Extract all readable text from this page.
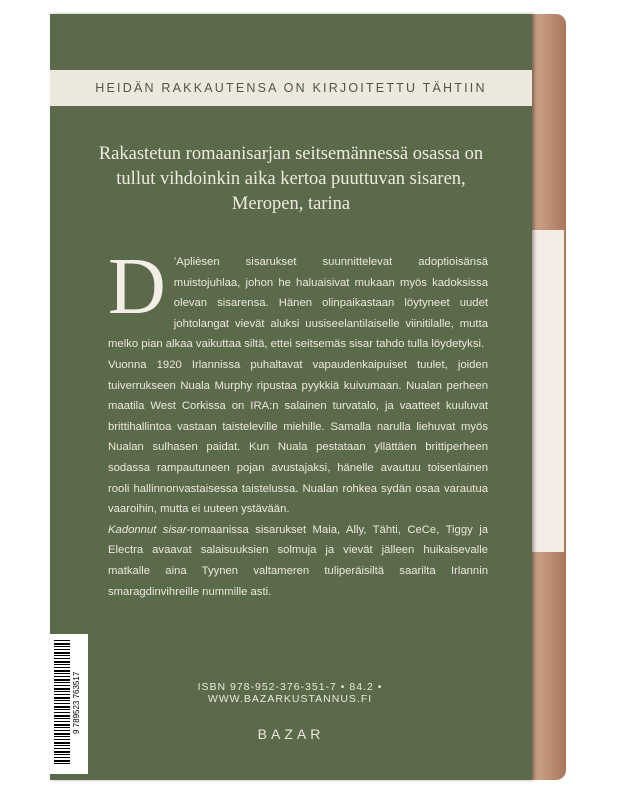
HEIDÄN RAKKAUTENSA ON KIRJOITETTU TÄHTIIN
Rakastetun romaanisarjan seitsemännessä osassa on tullut vihdoinkin aika kertoa puuttuvan sisaren, Meropen, tarina

D ’Aplièsen sisarukset suunnittelevat adoptioisänsä muistojuhlaa, johon he haluaisivat mukaan myös kadoksissa olevan sisarensa. Hänen olinpaikastaan löytyneet uudet johtolangat vievät aluksi uusiseelantilaiselle viinitilalle, mutta melko pian alkaa vaikuttaa siltä, ettei seitsemäs sisar tahdo tulla löydetyksi.

Vuonna 1920 Irlannissa puhaltavat vapaudenkaipuiset tuulet, joiden tuiverrukseen Nuala Murphy ripustaa pyykkiä kuivumaan. Nualan perheen maatila West Corkissa on IRA:n salainen turvatalo, ja vaatteet kuuluvat brittihallintoa vastaan taisteleville miehille. Samalla narulla liehuvat myös Nualan sulhasen paidat. Kun Nuala pestataan yllättäen brittiperheen sodassa rampautuneen pojan avustajaksi, hänelle avautuu toisenlainen rooli hallinnonvastaisessa taistelussa. Nualan rohkea sydän osaa varautua vaaroihin, mutta ei uuteen ystävään.

Kadonnut sisar-romaanissa sisarukset Maia, Ally, Tähti, CeCe, Tiggy ja Electra avaavat salaisuuksien solmuja ja vievät jälleen huikaisevalle matkalle aina Tyynen valtameren tuliperäisiltä saarilta Irlannin smaragdinvihreille nummille asti.

9 789523 763517	ISBN 978-952-376-351-7 • 84.2 • WWW.BAZARKUSTANNUS.FI
BAZAR
